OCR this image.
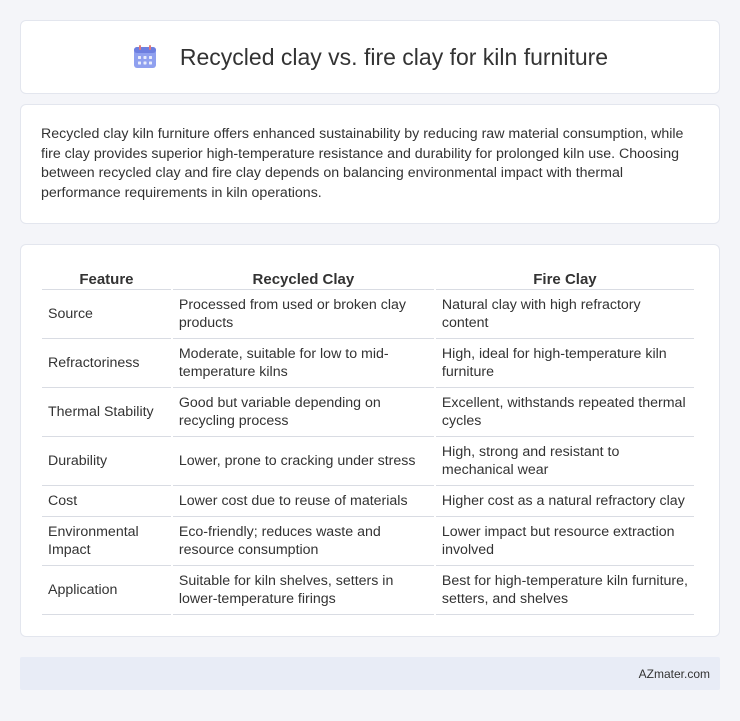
Recycled clay vs. fire clay for kiln furniture

Recycled clay kiln furniture offers enhanced sustainability by reducing raw material consumption, while fire clay provides superior high-temperature resistance and durability for prolonged kiln use. Choosing between recycled clay and fire clay depends on balancing environmental impact with thermal performance requirements in kiln operations.

Feature	Recycled Clay	Fire Clay
Source	Processed from used or broken clay products	Natural clay with high refractory content
Refractoriness	Moderate, suitable for low to mid-temperature kilns	High, ideal for high-temperature kiln furniture
Thermal Stability	Good but variable depending on recycling process	Excellent, withstands repeated thermal cycles
Durability	Lower, prone to cracking under stress	High, strong and resistant to mechanical wear
Cost	Lower cost due to reuse of materials	Higher cost as a natural refractory clay
Environmental Impact	Eco-friendly; reduces waste and resource consumption	Lower impact but resource extraction involved
Application	Suitable for kiln shelves, setters in lower-temperature firings	Best for high-temperature kiln furniture, setters, and shelves
AZmater.com
